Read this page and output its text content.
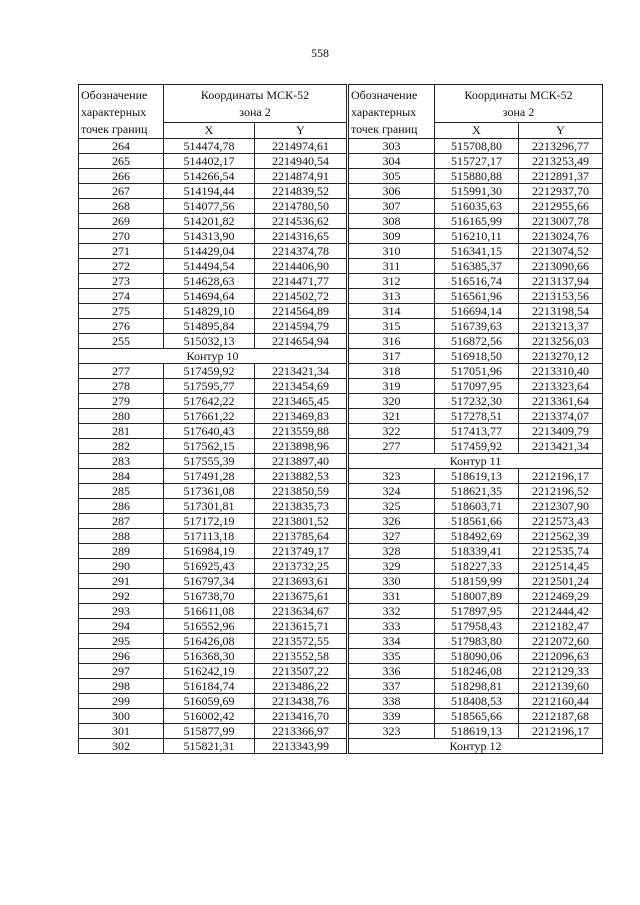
558
Обозначение
характерных
точек границ	Координаты МСК-52
зона 2	
	X	Y
264	514474,78	2214974,61
265	514402,17	2214940,54
266	514266,54	2214874,91
267	514194,44	2214839,52
268	514077,56	2214780,50
269	514201,82	2214536,62
270	514313,90	2214316,65
271	514429,04	2214374,78
272	514494,54	2214406,90
273	514628,63	2214471,77
274	514694,64	2214502,72
275	514829,10	2214564,89
276	514895,84	2214594,79
255	515032,13	2214654,94
Контур 10		
277	517459,92	2213421,34
278	517595,77	2213454,69
279	517642,22	2213465,45
280	517661,22	2213469,83
281	517640,43	2213559,88
282	517562,15	2213898,96
283	517555,39	2213897,40
284	517491,28	2213882,53
285	517361,08	2213850,59
286	517301,81	2213835,73
287	517172,19	2213801,52
288	517113,18	2213785,64
289	516984,19	2213749,17
290	516925,43	2213732,25
291	516797,34	2213693,61
292	516738,70	2213675,61
293	516611,08	2213634,67
294	516552,96	2213615,71
295	516426,08	2213572,55
296	516368,30	2213552,58
297	516242,19	2213507,22
298	516184,74	2213486,22
299	516059,69	2213438,76
300	516002,42	2213416,70
301	515877,99	2213366,97
302	515821,31	2213343,99
Обозначение
характерных
точек границ	Координаты МСК-52
зона 2	
	X	Y
303	515708,80	2213296,77
304	515727,17	2213253,49
305	515880,88	2212891,37
306	515991,30	2212937,70
307	516035,63	2212955,66
308	516165,99	2213007,78
309	516210,11	2213024,76
310	516341,15	2213074,52
311	516385,37	2213090,66
312	516516,74	2213137,94
313	516561,96	2213153,56
314	516694,14	2213198,54
315	516739,63	2213213,37
316	516872,56	2213256,03
317	516918,50	2213270,12
318	517051,96	2213310,40
319	517097,95	2213323,64
320	517232,30	2213361,64
321	517278,51	2213374,07
322	517413,77	2213409,79
277	517459,92	2213421,34
Контур 11		
323	518619,13	2212196,17
324	518621,35	2212196,52
325	518603,71	2212307,90
326	518561,66	2212573,43
327	518492,69	2212562,39
328	518339,41	2212535,74
329	518227,33	2212514,45
330	518159,99	2212501,24
331	518007,89	2212469,29
332	517897,95	2212444,42
333	517958,43	2212182,47
334	517983,80	2212072,60
335	518090,06	2212096,63
336	518246,08	2212129,33
337	518298,81	2212139,60
338	518408,53	2212160,44
339	518565,66	2212187,68
323	518619,13	2212196,17
Контур 12		
